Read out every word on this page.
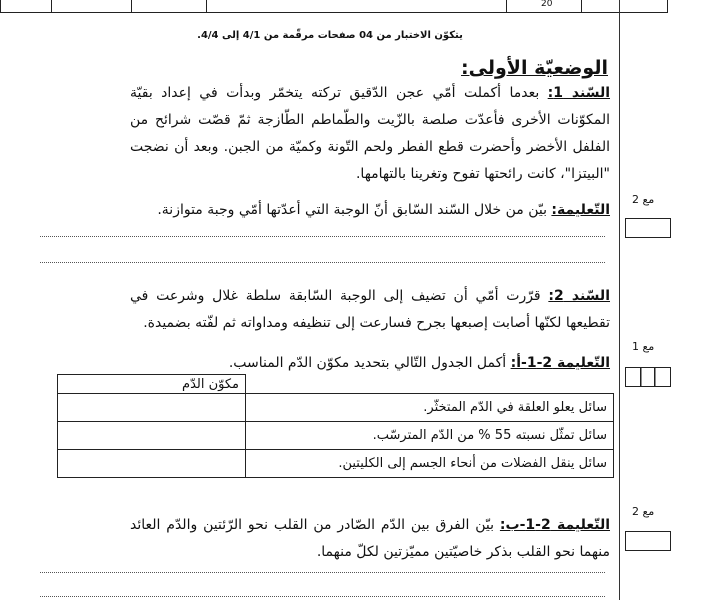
20
يتكوّن الاختبار من 04 صفحات مرقّمة من 4/1 إلى 4/4.
الوضعيّة الأولى:
السّند 1: بعدما أكملت أمّي عجن الدّقيق تركته يتخمّر وبدأت في إعداد بقيّة المكوّنات الأخرى فأعدّت صلصة بالزّيت والطّماطم الطّازجة ثمّ قصّت شرائح من الفلفل الأخضر وأحضرت قطع الفطر ولحم التّونة وكميّة من الجبن. وبعد أن نضجت "البيتزا"، كانت رائحتها تفوح وتغرينا بالتهامها.
التّعليمة: بيّن من خلال السّند السّابق أنّ الوجبة التي أعدّتها أمّي وجبة متوازنة.
مع 2
السّند 2: قرّرت أمّي أن تضيف إلى الوجبة السّابقة سلطة غلال وشرعت في تقطيعها لكنّها أصابت إصبعها بجرح فسارعت إلى تنظيفه ومداواته ثم لفّته بضميدة.
التّعليمة 2-1-أ: أكمل الجدول التّالي بتحديد مكوّن الدّم المناسب.
مع 1
	مكوّن الدّم
سائل يعلو العلقة في الدّم المتخثّر.	
سائل تمثّل نسبته 55 % من الدّم المترسّب.	
سائل ينقل الفضلات من أنحاء الجسم إلى الكليتين.	
التّعليمة 2-1-ب: بيّن الفرق بين الدّم الصّادر من القلب نحو الرّئتين والدّم العائد منهما نحو القلب بذكر خاصيّتين مميّزتين لكلّ منهما.
مع 2
